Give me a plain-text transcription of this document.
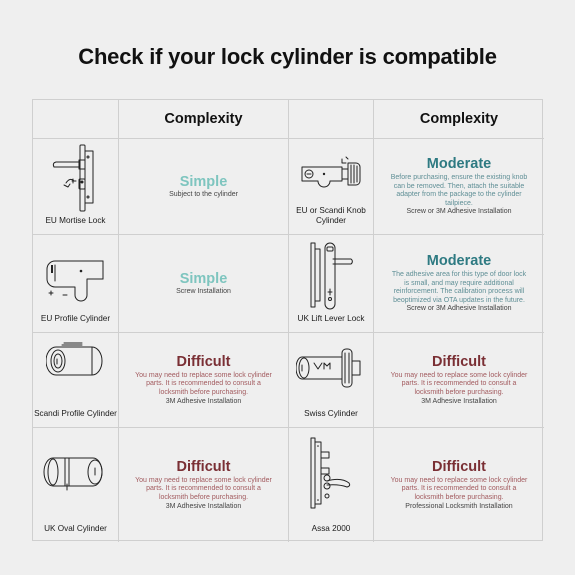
Check if your lock cylinder is compatible
Complexity	Complexity
EU Mortise Lock
Simple
Subject to the cylinder
EU or Scandi Knob Cylinder
Moderate
Before purchasing, ensure the existing knob can be removed. Then, attach the suitable adapter from the package to the cylinder tailpiece.
Screw or 3M Adhesive Installation
EU Profile Cylinder
Simple
Screw Installation
UK Lift Lever Lock
Moderate
The adhesive area for this type of door lock is small, and may require additional reinforcement. The calibration process will beoptimized via OTA updates in the future.
Screw or 3M Adhesive Installation
Scandi Profile Cylinder
Difficult
You may need to replace some lock cylinder parts. It is recommended to consult a locksmith before purchasing.
3M Adhesive Installation
Swiss Cylinder
Difficult
You may need to replace some lock cylinder parts. It is recommended to consult a locksmith before purchasing.
3M Adhesive Installation
UK Oval Cylinder
Difficult
You may need to replace some lock cylinder parts. It is recommended to consult a locksmith before purchasing.
3M Adhesive Installation
Assa 2000
Difficult
You may need to replace some lock cylinder parts. It is recommended to consult a locksmith before purchasing.
Professional Locksmith Installation
